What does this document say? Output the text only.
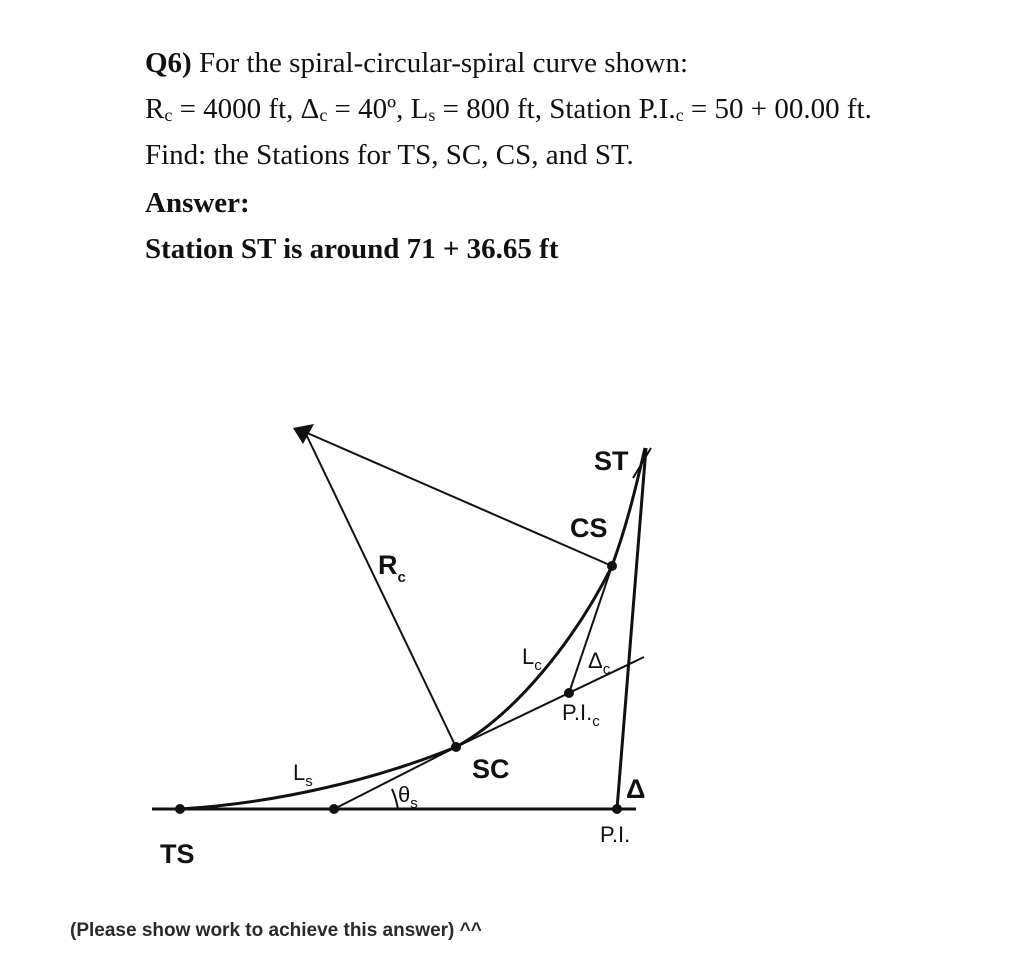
Q6) For the spiral-circular-spiral curve shown:
$R_c = 4000$ ft, $\Delta_c$ = 40º, $L_s = 800$ ft, Station $P.I._c = 50 + 00.00$ ft.
Find: the Stations for TS, SC, CS, and ST.
Answer:
Station ST is around 71 + 36.65 ft
ST
CS
$R_c$
$L_c$ $\Delta_c$
$P.I._c$
SC
$L_s$
$\theta_s$	Δ
P.I.
TS
(Please show work to achieve this answer) ^^
